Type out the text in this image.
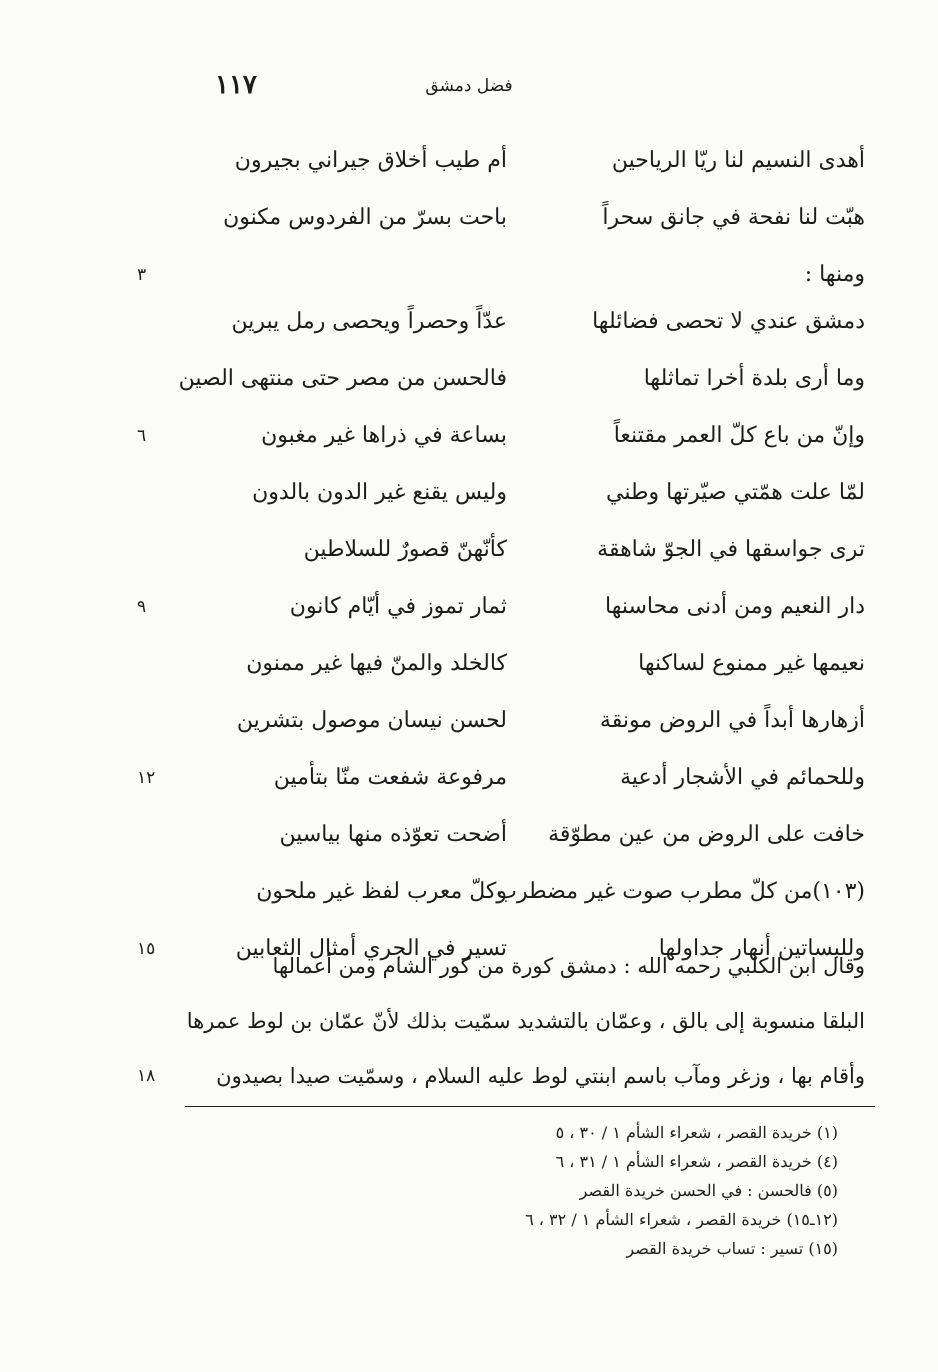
١١٧	فضل دمشق
أهدى النسيم لنا ريّا الرياحين
أم طيب أخلاق جيراني بجيرون
هبّت لنا نفحة في جانق سحراً
باحت بسرّ من الفردوس مكنون
ومنها :
٣
دمشق عندي لا تحصى فضائلها
عدّاً وحصراً ويحصى رمل يبرين
وما أرى بلدة أخرا تماثلها
فالحسن من مصر حتى منتهى الصين
وإنّ من باع كلّ العمر مقتنعاً
بساعة في ذراها غير مغبون
٦
لمّا علت همّتي صيّرتها وطني
وليس يقنع غير الدون بالدون
ترى جواسقها في الجوّ شاهقة
كأنّهنّ قصورٌ للسلاطين
دار النعيم ومن أدنى محاسنها
ثمار تموز في أيّام كانون
٩
نعيمها غير ممنوع لساكنها
كالخلد والمنّ فيها غير ممنون
أزهارها أبداً في الروض مونقة
لحسن نيسان موصول بتشرين
وللحمائم في الأشجار أدعية
مرفوعة شفعت منّا بتأمين
١٢
خافت على الروض من عين مطوّقة
أضحت تعوّذه منها بياسين
(١٠٣)من كلّ مطرب صوت غير مضطرب
وكلّ معرب لفظ غير ملحون
وللبساتين أنهار جداولها
تسير في الجري أمثال الثعابين
١٥
وقال ابن الكلبي رحمه الله : دمشق كورة من كور الشام ومن أعمالها
البلقا منسوبة إلى بالق ، وعمّان بالتشديد سمّيت بذلك لأنّ عمّان بن لوط عمرها
وأقام بها ، وزغر ومآب باسم ابنتي لوط عليه السلام ، وسمّيت صيدا بصيدون
١٨
(١) خريدة القصر ، شعراء الشأم ١ / ٣٠ ، ٥
(٤) خريدة القصر ، شعراء الشأم ١ / ٣١ ، ٦
(٥) فالحسن : في الحسن خريدة القصر
(١٢ـ١٥) خريدة القصر ، شعراء الشأم ١ / ٣٢ ، ٦
(١٥) تسير : تساب خريدة القصر
